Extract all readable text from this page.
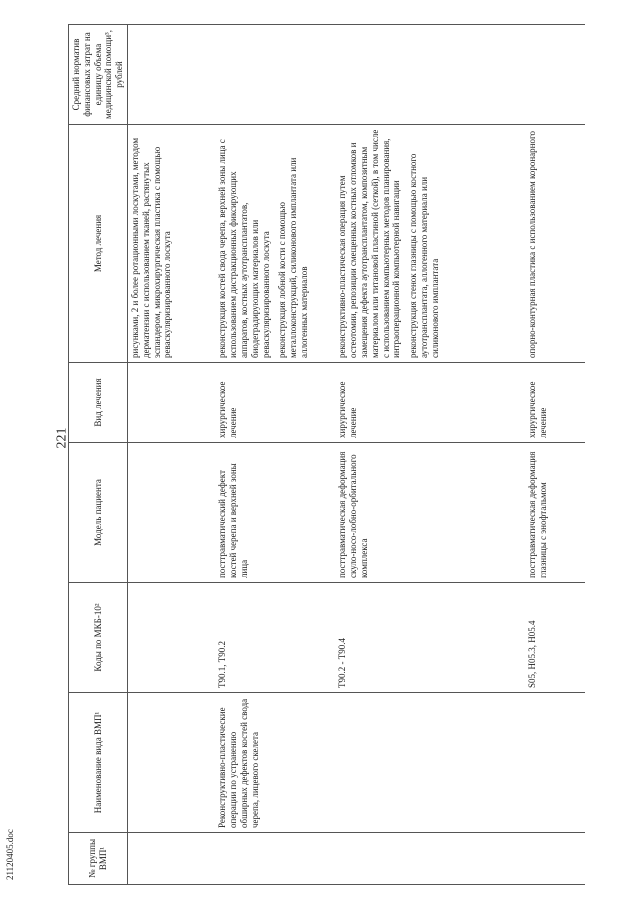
221
21120405.doc	№ группы ВМП¹	Наименование вида ВМП¹	Коды по МКБ-10²	Модель пациента	Вид лечения	Метод лечения	Средний норматив финансовых затрат на единицу объема медицинской помощи³, рублей

					рисунками, 2 и более ротационными лоскутами, методом дерматензии с использованием тканей, растянутых эспандером, микрохирургическая пластика с помощью реваскуляризированного лоскута	

	Реконструктивно-пластические операции по устранению обширных дефектов костей свода черепа, лицевого скелета	Т90.1, Т90.2	посттравматический дефект костей черепа и верхней зоны лица	хирургическое лечение	реконструкция костей свода черепа, верхней зоны лица с использованием дистракционных фиксирующих аппаратов, костных аутотрансплантатов, биодеградирующих материалов или реваскуляризированного лоскута реконструкция лобной кости с помощью металлоконструкций, силиконового имплантата или аллогенных материалов	

		Т90.2 - Т90.4	посттравматическая деформация скуло-носо-лобно-орбитального комплекса	хирургическое лечение	реконструктивно-пластическая операция путем остеотомии, репозиции смещенных костных отломков и замещения дефекта аутотрансплантатом, композитным материалом или титановой пластиной (сеткой), в том числе с использованием компьютерных методов планирования, интраоперационной компьютерной навигации реконструкция стенок глазницы с помощью костного аутотрансплантата, аллогенного материала или силиконового имплантата	

		S05, H05.3, H05.4	посттравматическая деформация глазницы с энофтальмом	хирургическое лечение	опорно-контурная пластика с использованием коронарного	
